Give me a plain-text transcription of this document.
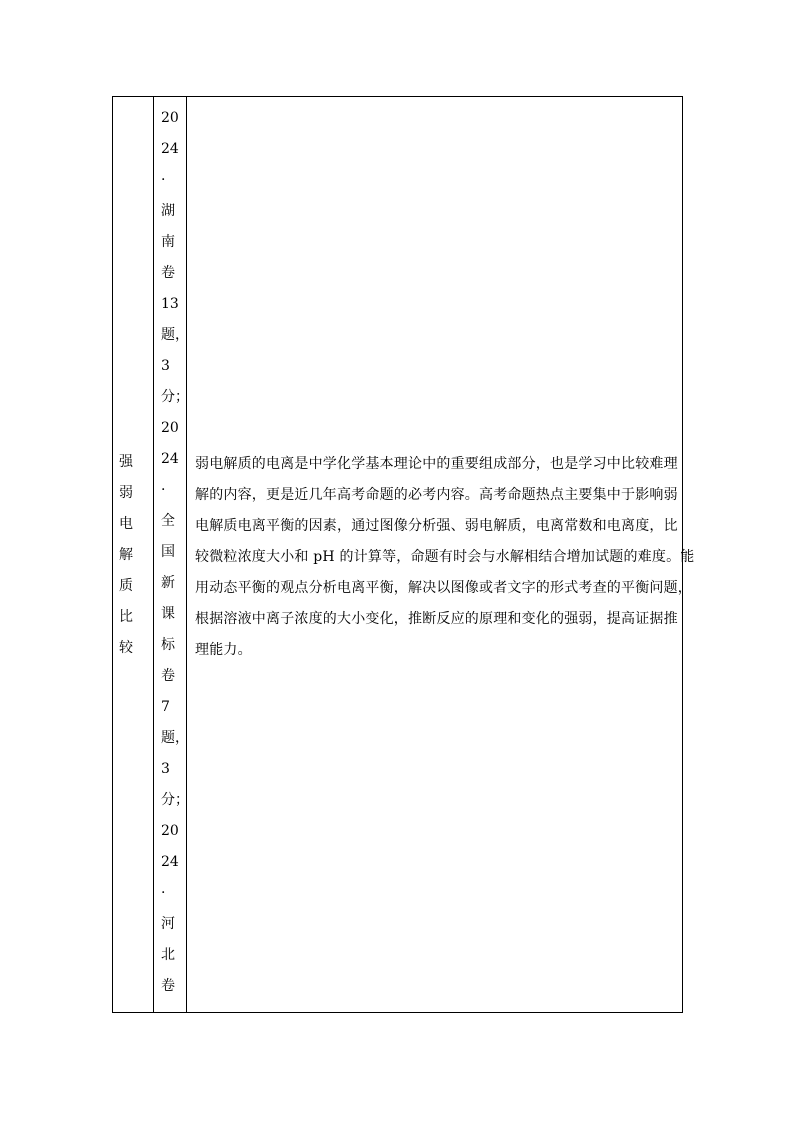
强
弱
电
解
质
比
较
20
24
·
湖
南
卷
13
题，
3
分；
20
24
·
全
国
新
课
标
卷
7
题，
3
分；
20
24
·
河
北
卷
弱电解质的电离是中学化学基本理论中的重要组成部分，也是学习中比较难理
解的内容，更是近几年高考命题的必考内容。高考命题热点主要集中于影响弱
电解质电离平衡的因素，通过图像分析强、弱电解质，电离常数和电离度，比
较微粒浓度大小和 pH 的计算等，命题有时会与水解相结合增加试题的难度。能
用动态平衡的观点分析电离平衡，解决以图像或者文字的形式考查的平衡问题，
根据溶液中离子浓度的大小变化，推断反应的原理和变化的强弱，提高证据推
理能力。
